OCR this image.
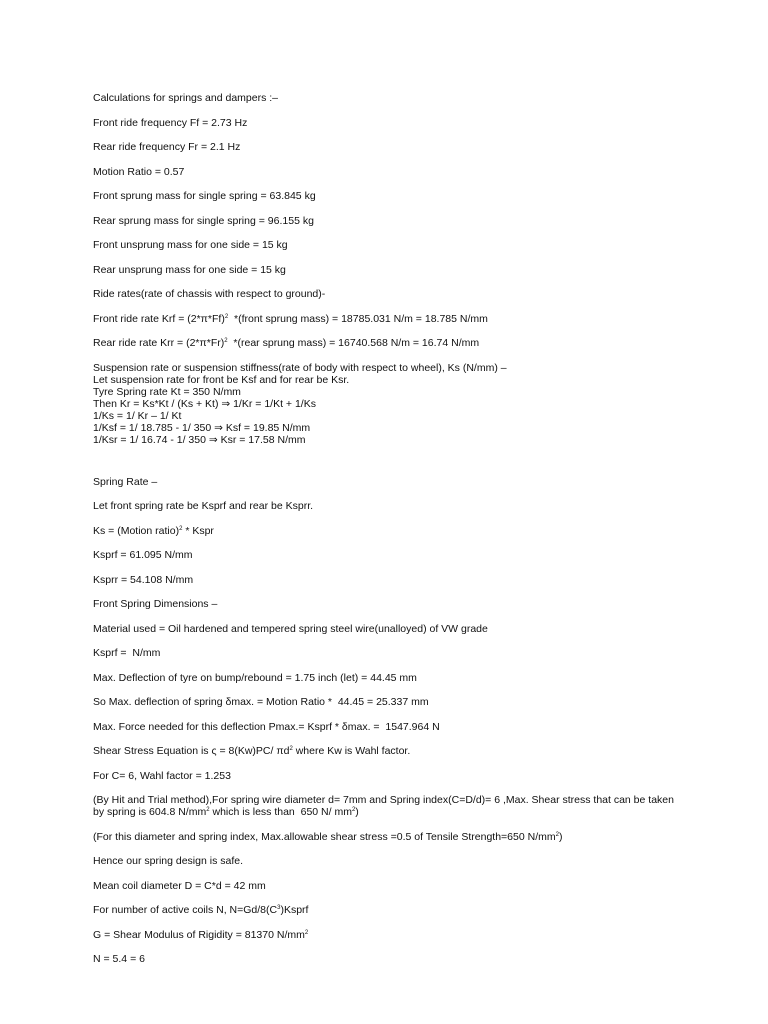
Calculations for springs and dampers :–

Front ride frequency Ff = 2.73 Hz

Rear ride frequency Fr = 2.1 Hz

Motion Ratio = 0.57

Front sprung mass for single spring = 63.845 kg

Rear sprung mass for single spring = 96.155 kg

Front unsprung mass for one side = 15 kg

Rear unsprung mass for one side = 15 kg

Ride rates(rate of chassis with respect to ground)-

Front ride rate Krf = $(2*\pi*Ff)^2$  *(front sprung mass) = 18785.031 N/m = 18.785 N/mm

Rear ride rate Krr = $(2*\pi*Fr)^2$  *(rear sprung mass) = 16740.568 N/m = 16.74 N/mm

Suspension rate or suspension stiffness(rate of body with respect to wheel), Ks (N/mm) –
Let suspension rate for front be Ksf and for rear be Ksr.
Tyre Spring rate Kt = 350 N/mm
Then Kr = Ks*Kt / (Ks + Kt) ⇒ 1/Kr = 1/Kt + 1/Ks
1/Ks = 1/ Kr – 1/ Kt
1/Ksf = 1/ 18.785 - 1/ 350 ⇒ Ksf = 19.85 N/mm
1/Ksr = 1/ 16.74 - 1/ 350 ⇒ Ksr = 17.58 N/mm

Spring Rate –

Let front spring rate be Ksprf and rear be Ksprr.

Ks = (Motion ratio)$^2$ * Kspr

Ksprf = 61.095 N/mm

Ksprr = 54.108 N/mm

Front Spring Dimensions –

Material used = Oil hardened and tempered spring steel wire(unalloyed) of VW grade

Ksprf =  N/mm

Max. Deflection of tyre on bump/rebound = 1.75 inch (let) = 44.45 mm

So Max. deflection of spring δmax. = Motion Ratio *  44.45 = 25.337 mm

Max. Force needed for this deflection Pmax.= Ksprf * δmax. =  1547.964 N

Shear Stress Equation is ς = 8(Kw)PC/ $\pi d^2$ where Kw is Wahl factor.

For C= 6, Wahl factor = 1.253

(By Hit and Trial method),For spring wire diameter d= 7mm and Spring index(C=D/d)= 6 ,Max. Shear stress that can be taken
by spring is 604.8 $N/mm^2$ which is less than  650 N/ $mm^2$)

(For this diameter and spring index, Max.allowable shear stress =0.5 of Tensile Strength=650 $N/mm^2$)

Hence our spring design is safe.

Mean coil diameter D = C*d = 42 mm

For number of active coils N, $N=Gd/8(C^3)Ksprf$

G = Shear Modulus of Rigidity = 81370 $N/mm^2$

N = 5.4 = 6
